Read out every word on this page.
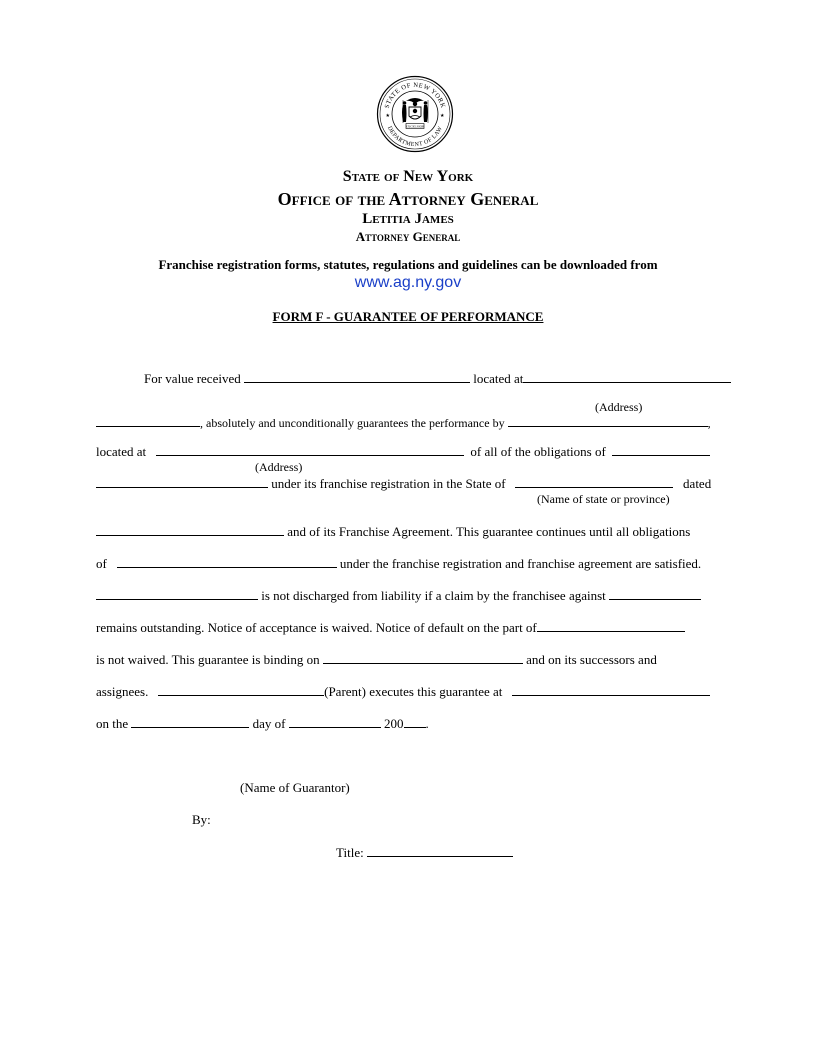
STATE OF NEW YORK
DEPARTMENT OF LAW
EXCELSIOR
★	★
State of New York
Office of the Attorney General
Letitia James
Attorney General
Franchise registration forms, statutes, regulations and guidelines can be downloaded from
www.ag.ny.gov
FORM F - GUARANTEE OF PERFORMANCE
For value received	located at
(Address)
, absolutely and unconditionally guarantees the performance by	,
located at	of all of the obligations of
(Address)
under its franchise registration in the State of	dated
(Name of state or province)
and of its Franchise Agreement. This guarantee continues until all obligations
of	under the franchise registration and franchise agreement are satisfied.
is not discharged from liability if a claim by the franchisee against
remains outstanding. Notice of acceptance is waived. Notice of default on the part of
is not waived. This guarantee is binding on	and on its successors and
assignees.	(Parent) executes this guarantee at
on the	day of	200 .
(Name of Guarantor)
By:
Title:
